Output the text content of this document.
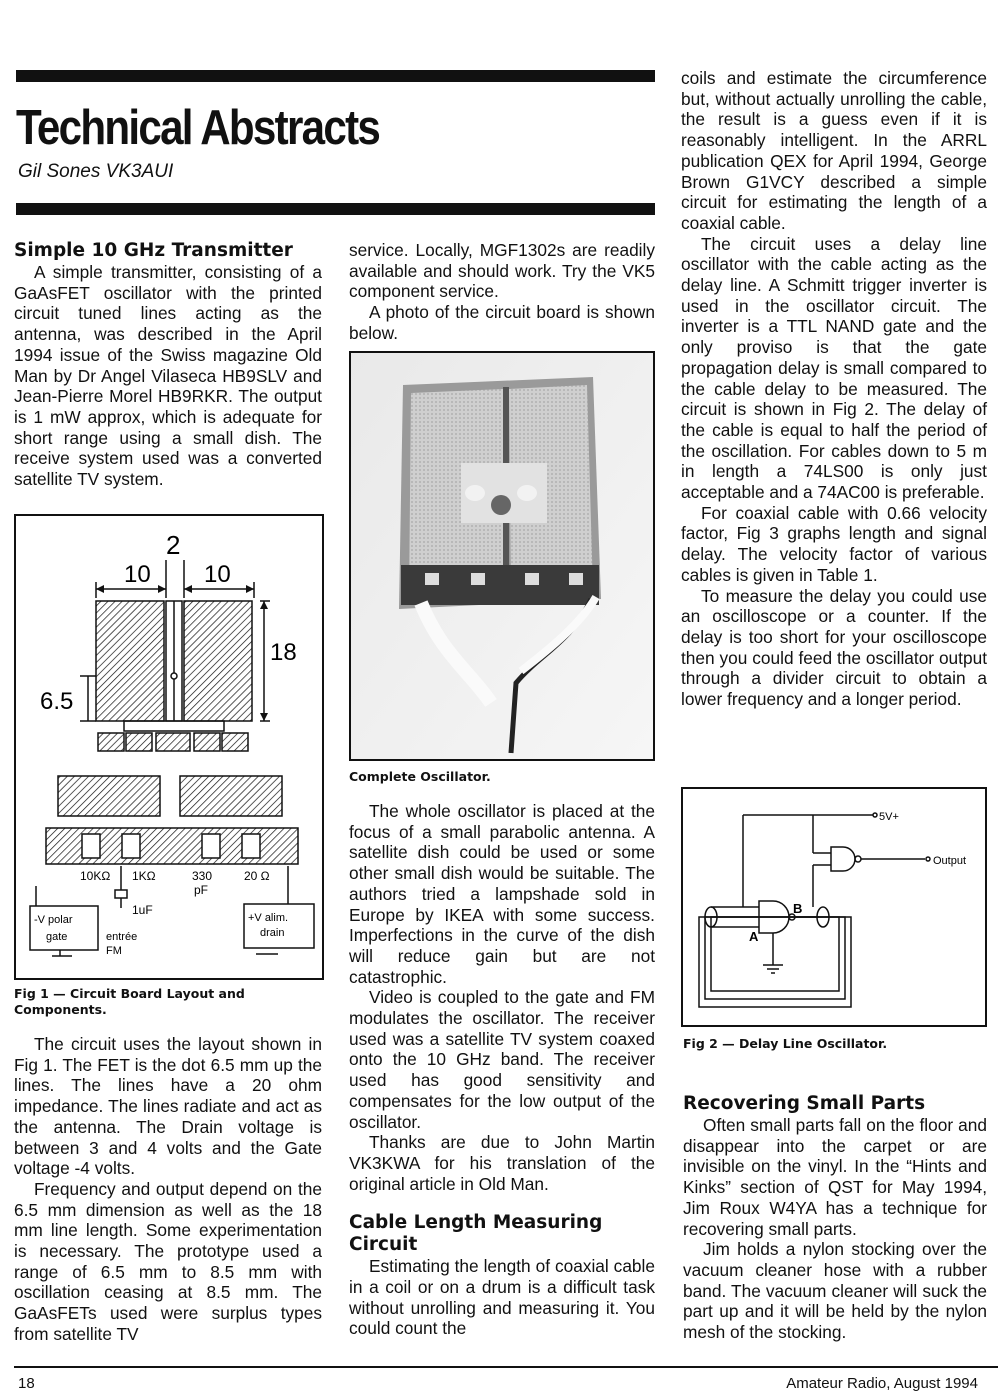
Technical Abstracts
Gil Sones VK3AUI
Simple 10 GHz Transmitter

A simple transmitter, consisting of a GaAsFET oscillator with the printed circuit tuned lines acting as the antenna, was described in the April 1994 issue of the Swiss magazine Old Man by Dr Angel Vilaseca HB9SLV and Jean-Pierre Morel HB9RKR. The output is 1 mW approx, which is adequate for short range using a small dish. The receive system used was a converted satellite TV system.

2
10 10
18
6.5
10KΩ 1KΩ	330
pF
20 Ω
-V polar
gate
1uF
entrée
FM
+V alim.
drain
Fig 1 — Circuit Board Layout and Components.

The circuit uses the layout shown in Fig 1. The FET is the dot 6.5 mm up the lines. The lines have a 20 ohm impedance. The lines radiate and act as the antenna. The Drain voltage is between 3 and 4 volts and the Gate voltage -4 volts.

Frequency and output depend on the 6.5 mm dimension as well as the 18 mm line length. Some experimentation is necessary. The prototype used a range of 6.5 mm to 8.5 mm with oscillation ceasing at 8.5 mm. The GaAsFETs used were surplus types from satellite TV

service. Locally, MGF1302s are readily available and should work. Try the VK5 component service.

A photo of the circuit board is shown below.

Complete Oscillator.

The whole oscillator is placed at the focus of a small parabolic antenna. A satellite dish could be used or some other small dish would be suitable. The authors tried a lampshade sold in Europe by IKEA with some success. Imperfections in the curve of the dish will reduce gain but are not catastrophic.

Video is coupled to the gate and FM modulates the oscillator. The receiver used was a satellite TV system coaxed onto the 10 GHz band. The receiver used has good sensitivity and compensates for the low output of the oscillator.

Thanks are due to John Martin VK3KWA for his translation of the original article in Old Man.

Cable Length Measuring Circuit

Estimating the length of coaxial cable in a coil or on a drum is a difficult task without unrolling and measuring it. You could count the

coils and estimate the circumference but, without actually unrolling the cable, the result is a guess even if it is reasonably intelligent. In the ARRL publication QEX for April 1994, George Brown G1VCY described a simple circuit for estimating the length of a coaxial cable.

The circuit uses a delay line oscillator with the cable acting as the delay line. A Schmitt trigger inverter is used in the oscillator circuit. The inverter is a TTL NAND gate and the only proviso is that the gate propagation delay is small compared to the cable delay to be measured. The circuit is shown in Fig 2. The delay of the cable is equal to half the period of the oscillation. For cables down to 5 m in length a 74LS00 is only just acceptable and a 74AC00 is preferable.

For coaxial cable with 0.66 velocity factor, Fig 3 graphs length and signal delay. The velocity factor of various cables is given in Table 1.

To measure the delay you could use an oscilloscope or a counter. If the delay is too short for your oscilloscope then you could feed the oscillator output through a divider circuit to obtain a lower frequency and a longer period.

5V+
Output
A
B
Fig 2 — Delay Line Oscillator.
Recovering Small Parts

Often small parts fall on the floor and disappear into the carpet or are invisible on the vinyl. In the “Hints and Kinks” section of QST for May 1994, Jim Roux W4YA has a technique for recovering small parts.

Jim holds a nylon stocking over the vacuum cleaner hose with a rubber band. The vacuum cleaner will suck the part up and it will be held by the nylon mesh of the stocking.

18	Amateur Radio, August 1994
